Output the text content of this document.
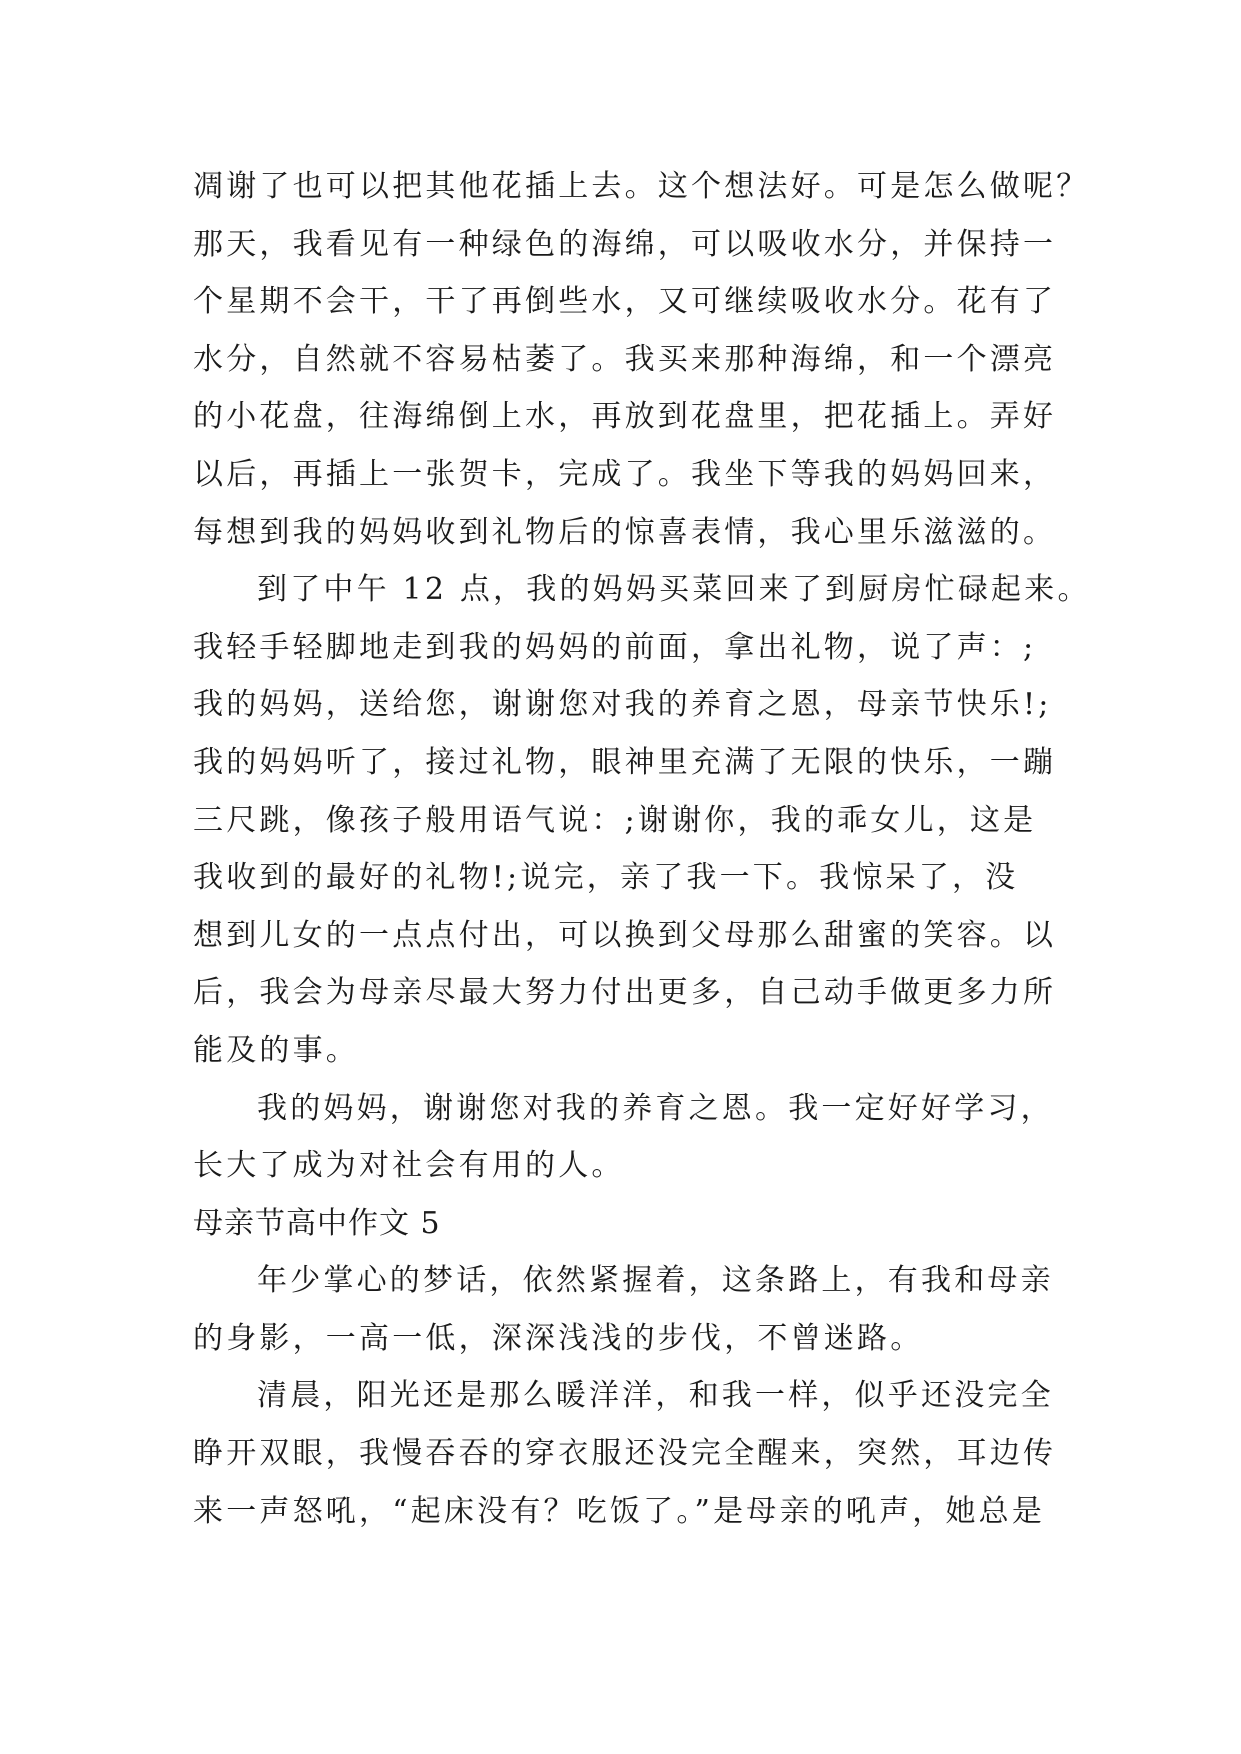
凋谢了也可以把其他花插上去。这个想法好。可是怎么做呢？
那天，我看见有一种绿色的海绵，可以吸收水分，并保持一
个星期不会干，干了再倒些水，又可继续吸收水分。花有了
水分，自然就不容易枯萎了。我买来那种海绵，和一个漂亮
的小花盘，往海绵倒上水，再放到花盘里，把花插上。弄好
以后，再插上一张贺卡，完成了。我坐下等我的妈妈回来，
每想到我的妈妈收到礼物后的惊喜表情，我心里乐滋滋的。
到了中午 12 点，我的妈妈买菜回来了到厨房忙碌起来。
我轻手轻脚地走到我的妈妈的前面，拿出礼物，说了声：;
我的妈妈，送给您，谢谢您对我的养育之恩，母亲节快乐!;
我的妈妈听了，接过礼物，眼神里充满了无限的快乐，一蹦
三尺跳，像孩子般用语气说：;谢谢你，我的乖女儿，这是
我收到的最好的礼物!;说完，亲了我一下。我惊呆了，没
想到儿女的一点点付出，可以换到父母那么甜蜜的笑容。以
后，我会为母亲尽最大努力付出更多，自己动手做更多力所
能及的事。
我的妈妈，谢谢您对我的养育之恩。我一定好好学习，
长大了成为对社会有用的人。
母亲节高中作文 5
年少掌心的梦话，依然紧握着，这条路上，有我和母亲
的身影，一高一低，深深浅浅的步伐，不曾迷路。
清晨，阳光还是那么暖洋洋，和我一样，似乎还没完全
睁开双眼，我慢吞吞的穿衣服还没完全醒来，突然，耳边传
来一声怒吼，“起床没有？吃饭了。”是母亲的吼声，她总是
